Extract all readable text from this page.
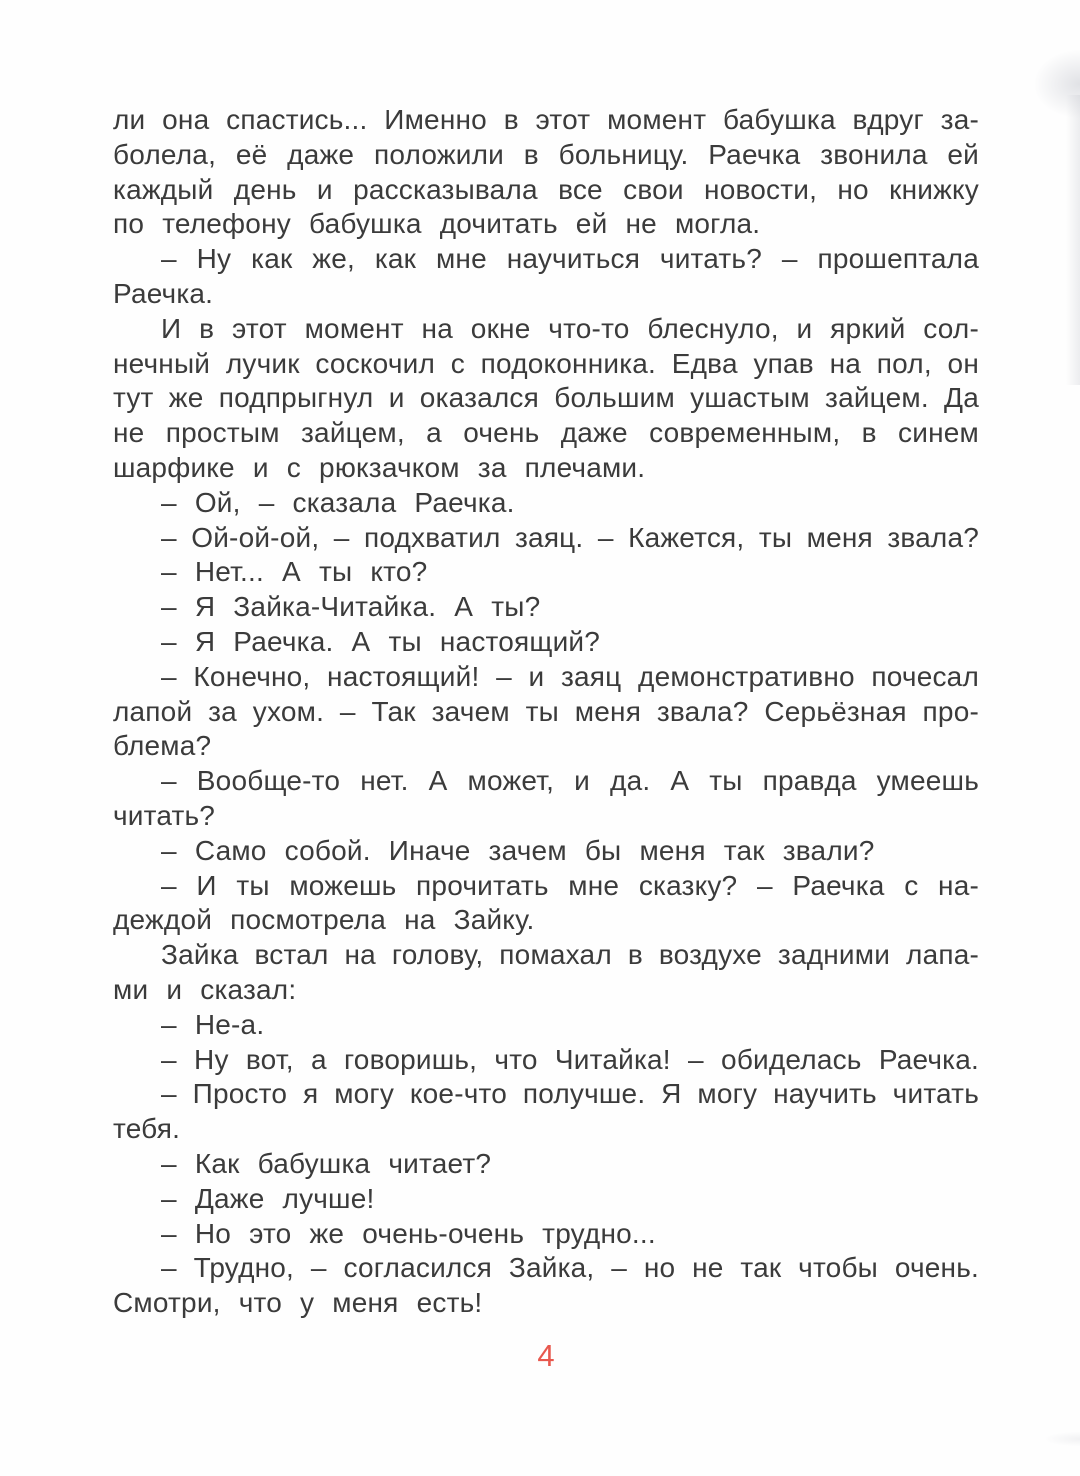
ли она спастись... Именно в этот момент бабушка вдруг за-
болела, её даже положили в больницу. Раечка звонила ей
каждый день и рассказывала все свои новости, но книжку
по телефону бабушка дочитать ей не могла.
– Ну как же, как мне научиться читать? – прошептала
Раечка.
И в этот момент на окне что-то блеснуло, и яркий сол-
нечный лучик соскочил с подоконника. Едва упав на пол, он
тут же подпрыгнул и оказался большим ушастым зайцем. Да
не простым зайцем, а очень даже современным, в синем
шарфике и с рюкзачком за плечами.
– Ой, – сказала Раечка.
– Ой-ой-ой, – подхватил заяц. – Кажется, ты меня звала?
– Нет... А ты кто?
– Я Зайка-Читайка. А ты?
– Я Раечка. А ты настоящий?
– Конечно, настоящий! – и заяц демонстративно почесал
лапой за ухом. – Так зачем ты меня звала? Серьёзная про-
блема?
– Вообще-то нет. А может, и да. А ты правда умеешь
читать?
– Само собой. Иначе зачем бы меня так звали?
– И ты можешь прочитать мне сказку? – Раечка с на-
деждой посмотрела на Зайку.
Зайка встал на голову, помахал в воздухе задними лапа-
ми и сказал:
– Не-а.
– Ну вот, а говоришь, что Читайка! – обиделась Раечка.
– Просто я могу кое-что получше. Я могу научить читать
тебя.
– Как бабушка читает?
– Даже лучше!
– Но это же очень-очень трудно...
– Трудно, – согласился Зайка, – но не так чтобы очень.
Смотри, что у меня есть!
4
